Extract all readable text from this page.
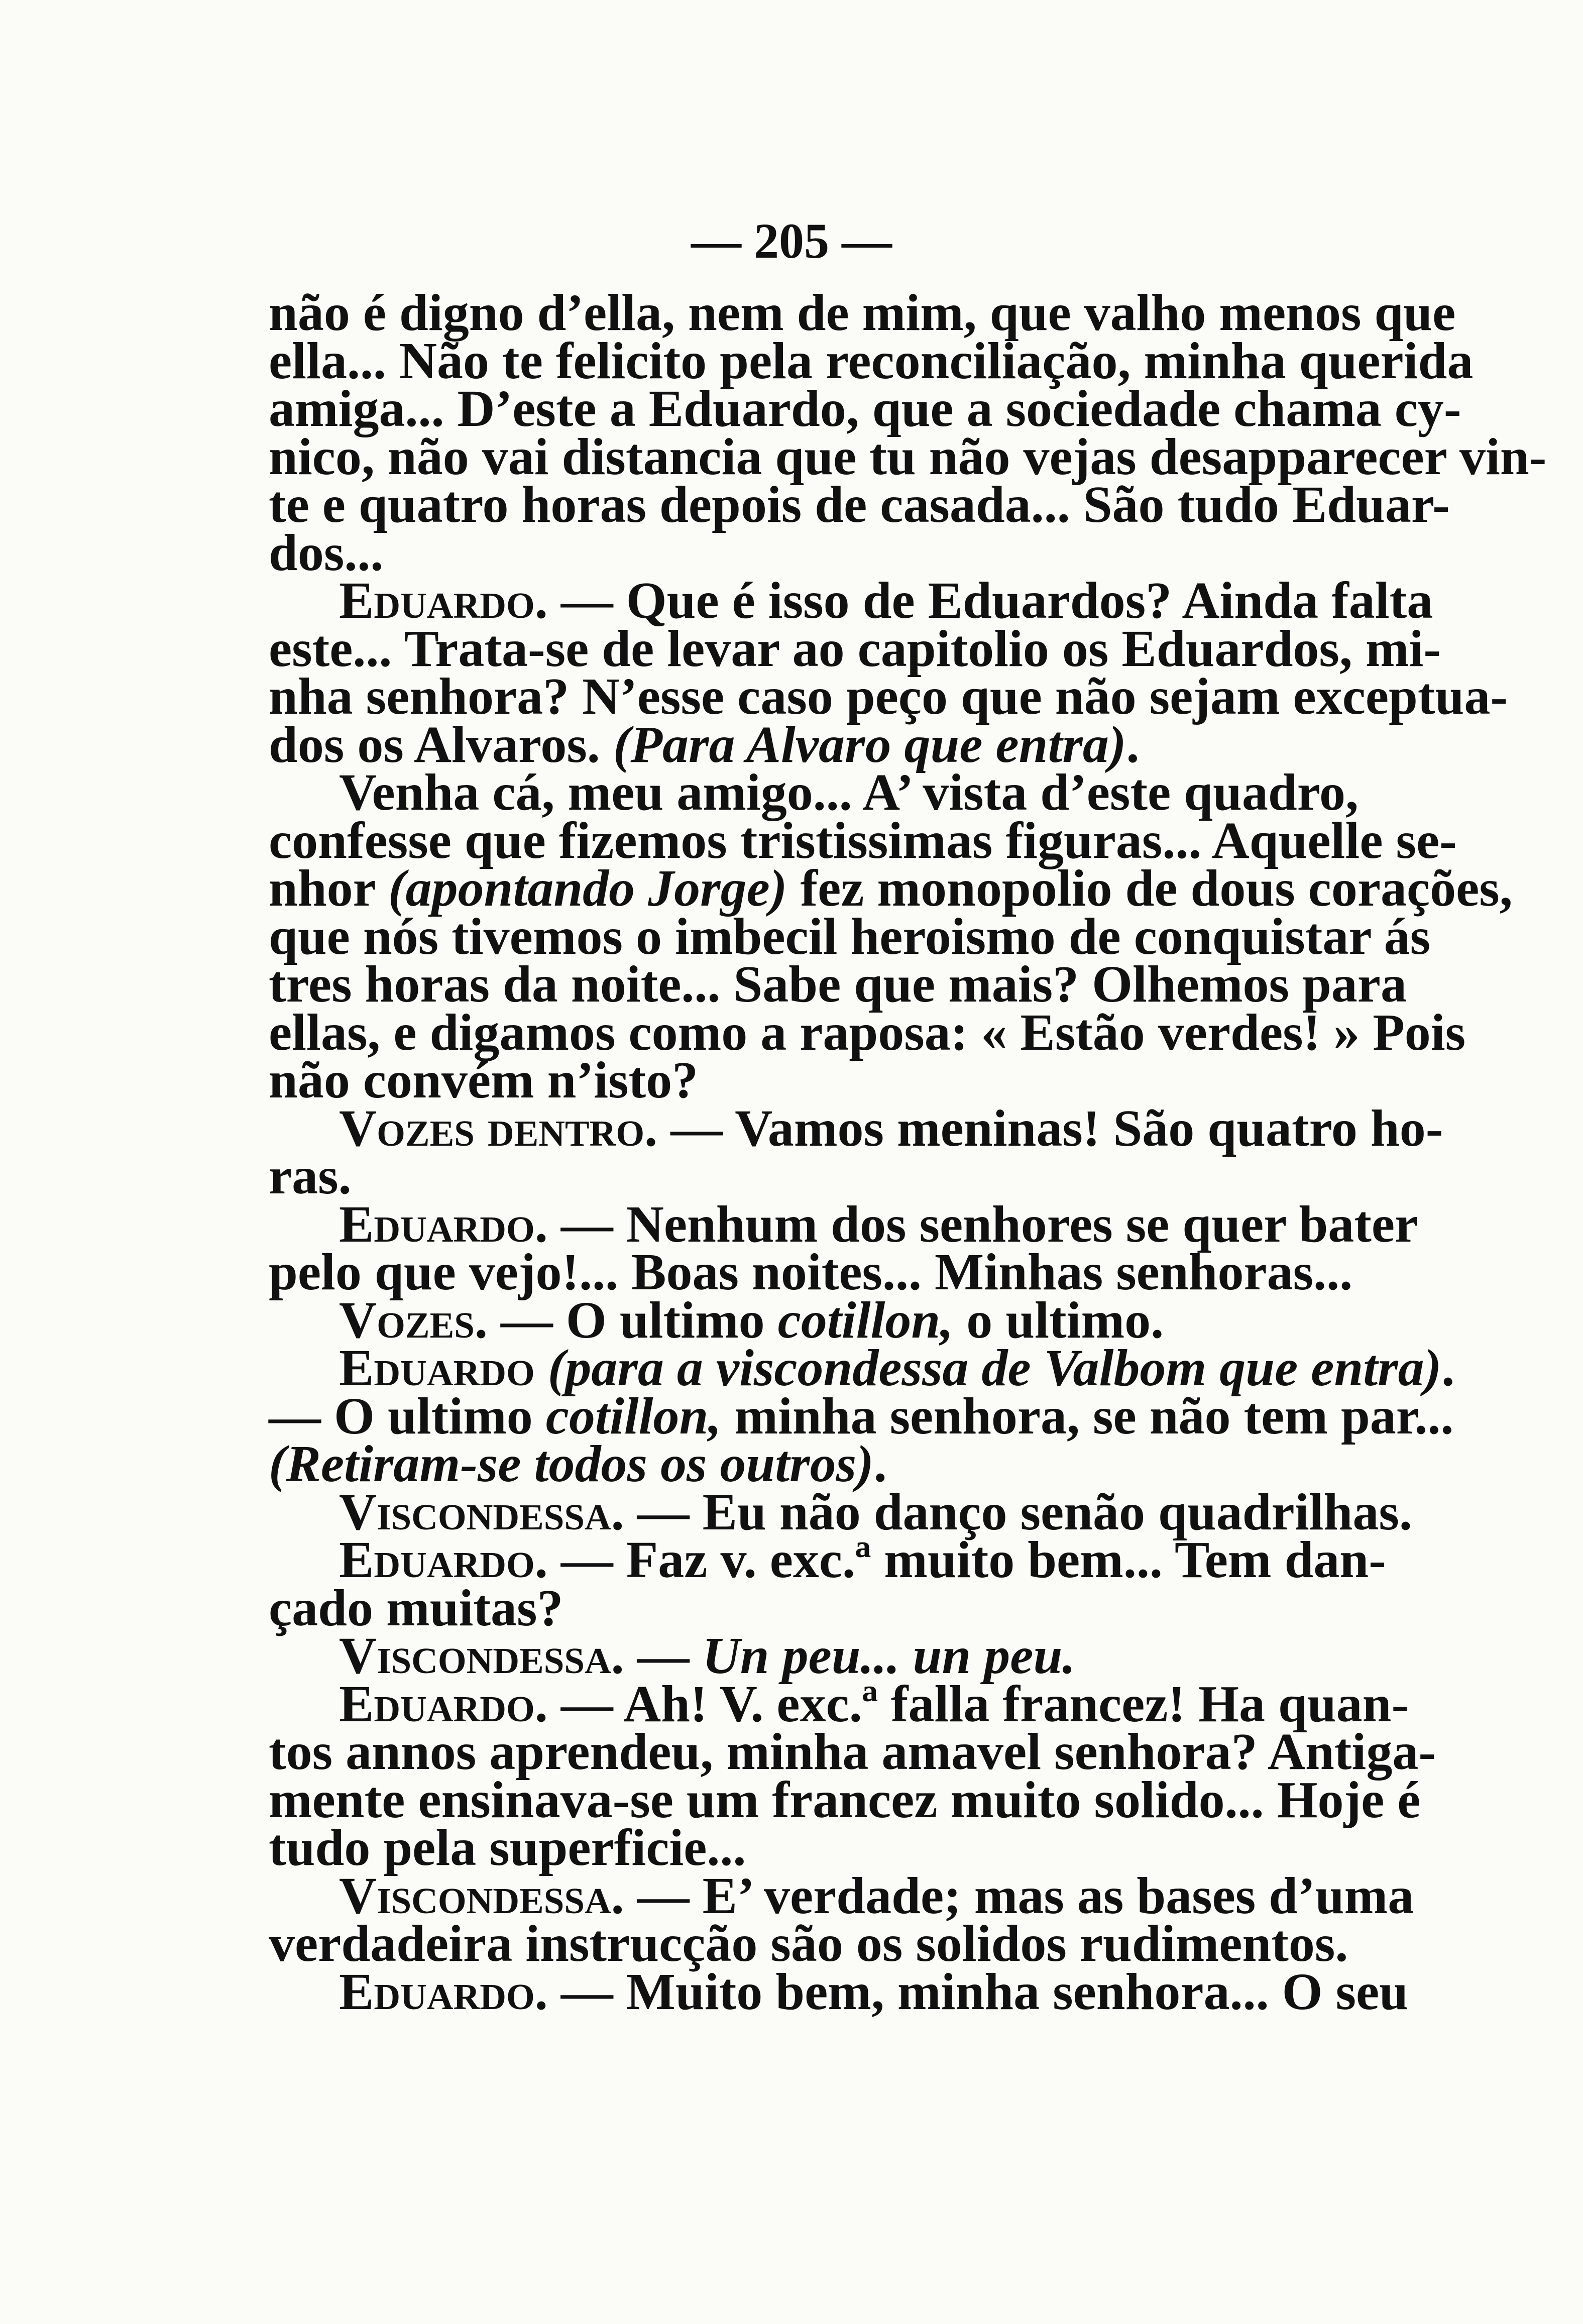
— 205 —
não é digno d’ella, nem de mim, que valho menos que
ella... Não te felicito pela reconciliação, minha querida
amiga... D’este a Eduardo, que a sociedade chama cy-
nico, não vai distancia que tu não vejas desapparecer vin-
te e quatro horas depois de casada... São tudo Eduar-
dos...
Eduardo. — Que é isso de Eduardos? Ainda falta
este... Trata-se de levar ao capitolio os Eduardos, mi-
nha senhora? N’esse caso peço que não sejam exceptua-
dos os Alvaros. (Para Alvaro que entra).
Venha cá, meu amigo... A’ vista d’este quadro,
confesse que fizemos tristissimas figuras... Aquelle se-
nhor (apontando Jorge) fez monopolio de dous corações,
que nós tivemos o imbecil heroismo de conquistar ás
tres horas da noite... Sabe que mais? Olhemos para
ellas, e digamos como a raposa: « Estão verdes! » Pois
não convém n’isto?
Vozes dentro. — Vamos meninas! São quatro ho-
ras.
Eduardo. — Nenhum dos senhores se quer bater
pelo que vejo!... Boas noites... Minhas senhoras...
Vozes. — O ultimo cotillon, o ultimo.
Eduardo (para a viscondessa de Valbom que entra).
— O ultimo cotillon, minha senhora, se não tem par...
(Retiram-se todos os outros).
Viscondessa. — Eu não danço senão quadrilhas.
Eduardo. — Faz v. exc.ª muito bem... Tem dan-
çado muitas?
Viscondessa. — Un peu... un peu.
Eduardo. — Ah! V. exc.ª falla francez! Ha quan-
tos annos aprendeu, minha amavel senhora? Antiga-
mente ensinava-se um francez muito solido... Hoje é
tudo pela superficie...
Viscondessa. — E’ verdade; mas as bases d’uma
verdadeira instrucção são os solidos rudimentos.
Eduardo. — Muito bem, minha senhora... O seu
